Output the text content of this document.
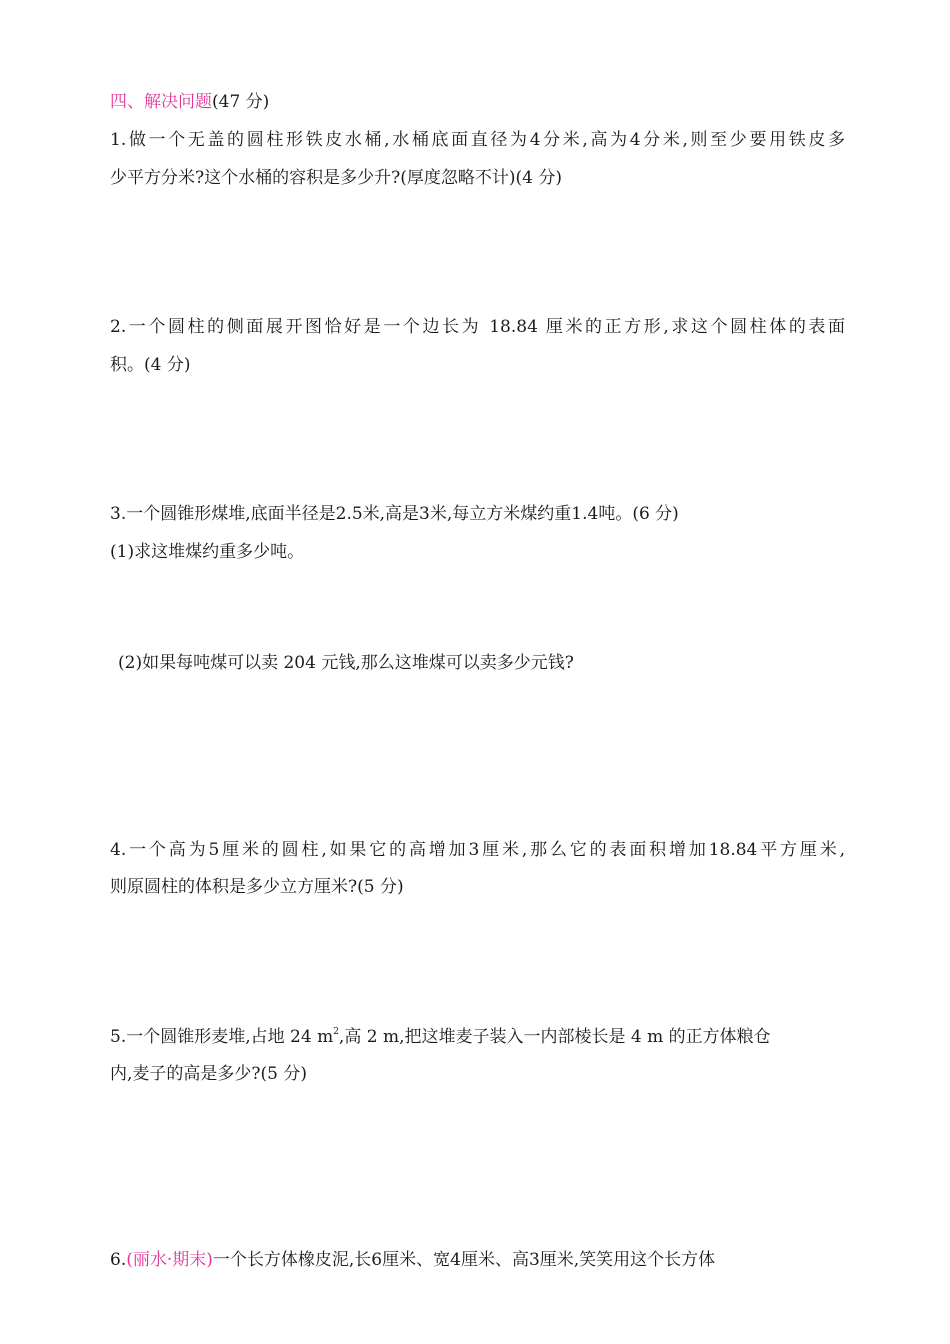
四、解决问题(47 分)
1.做一个无盖的圆柱形铁皮水桶,水桶底面直径为4分米,高为4分米,则至少要用铁皮多
少平方分米?这个水桶的容积是多少升?(厚度忽略不计)(4 分)
2.一个圆柱的侧面展开图恰好是一个边长为 18.84 厘米的正方形,求这个圆柱体的表面
积。(4 分)
3.一个圆锥形煤堆,底面半径是2.5米,高是3米,每立方米煤约重1.4吨。(6 分)
(1)求这堆煤约重多少吨。
(2)如果每吨煤可以卖 204 元钱,那么这堆煤可以卖多少元钱?
4.一个高为5厘米的圆柱,如果它的高增加3厘米,那么它的表面积增加18.84平方厘米,
则原圆柱的体积是多少立方厘米?(5 分)
5.一个圆锥形麦堆,占地 24 $m^2$,高 2 m,把这堆麦子装入一内部棱长是 4 m 的正方体粮仓
内,麦子的高是多少?(5 分)
6.(丽水·期末)一个长方体橡皮泥,长6厘米、宽4厘米、高3厘米,笑笑用这个长方体
